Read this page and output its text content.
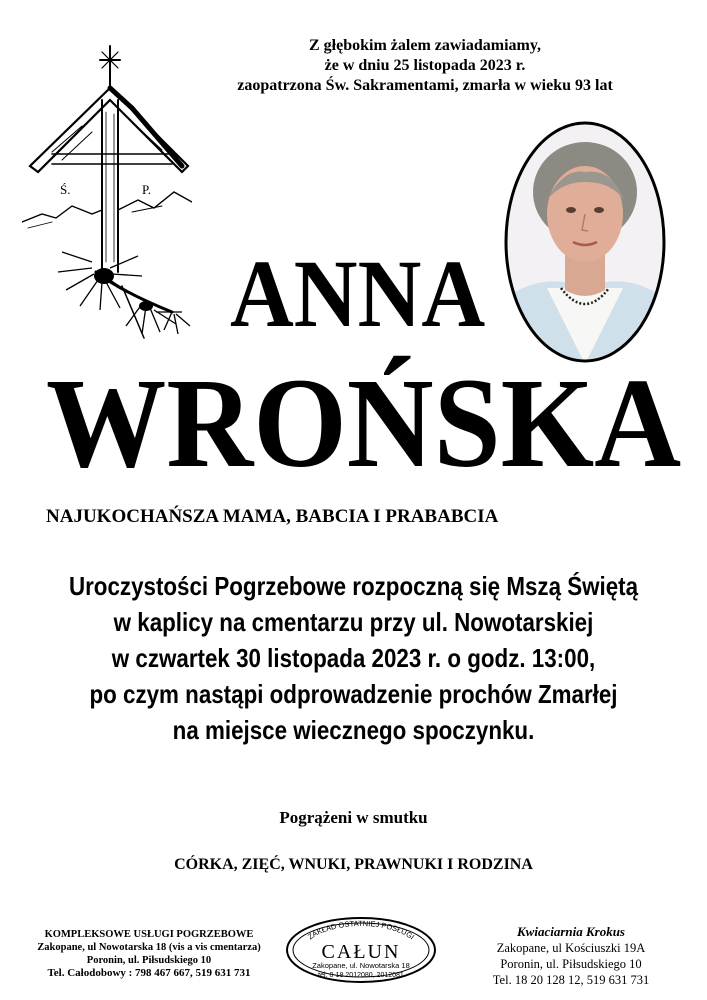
Z głębokim żalem zawiadamiamy,
że w dniu 25 listopada 2023 r.
zaopatrzona Św. Sakramentami, zmarła w wieku 93 lat
Ś.	P.
ANNA
WROŃSKA
NAJUKOCHAŃSZA MAMA, BABCIA I PRABABCIA
Uroczystości Pogrzebowe rozpoczną się Mszą Świętą
w kaplicy na cmentarzu przy ul. Nowotarskiej
w czwartek 30 listopada 2023 r. o godz. 13:00,
po czym nastąpi odprowadzenie prochów Zmarłej
na miejsce wiecznego spoczynku.
Pogrążeni w smutku
CÓRKA, ZIĘĆ, WNUKI, PRAWNUKI I RODZINA
KOMPLEKSOWE USŁUGI POGRZEBOWE
Zakopane, ul Nowotarska 18 (vis a vis cmentarza)
Poronin, ul. Piłsudskiego 10
Tel. Całodobowy : 798 467 667, 519 631 731
ZAKŁAD OSTATNIEJ POSŁUGI
CAŁUN
Zakopane, ul. Nowotarska 18
tel. 0-18 2012080, 2012081
Kwiaciarnia Krokus
Zakopane, ul Kościuszki 19A
Poronin, ul. Piłsudskiego 10
Tel. 18 20 128 12, 519 631 731
